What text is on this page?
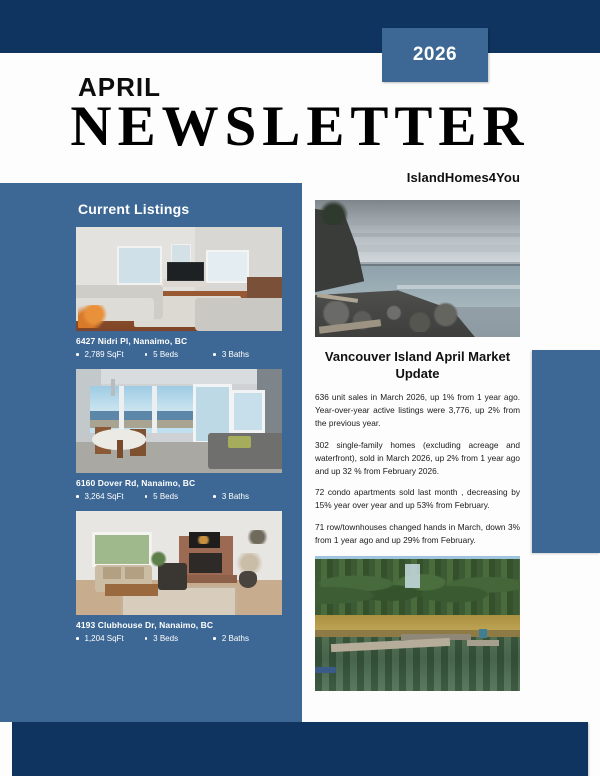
2026
APRIL
NEWSLETTER
IslandHomes4You
Current Listings
6427 Nidri Pl, Nanaimo, BC
2,789 SqFt	5 Beds	3 Baths
6160 Dover Rd, Nanaimo, BC
3,264 SqFt	5 Beds	3 Baths
4193 Clubhouse Dr, Nanaimo, BC
1,204 SqFt	3 Beds	2 Baths
Vancouver Island April Market Update

636 unit sales in March 2026, up 1% from 1 year ago. Year-over-year active listings were 3,776, up 2% from the previous year.

302 single-family homes (excluding acreage and waterfront), sold in March 2026, up 2% from 1 year ago and up 32 % from February 2026.

72 condo apartments sold last month , decreasing by 15% year over year and up 53% from February.

71 row/townhouses changed hands in March, down 3% from 1 year ago and up 29% from February.
